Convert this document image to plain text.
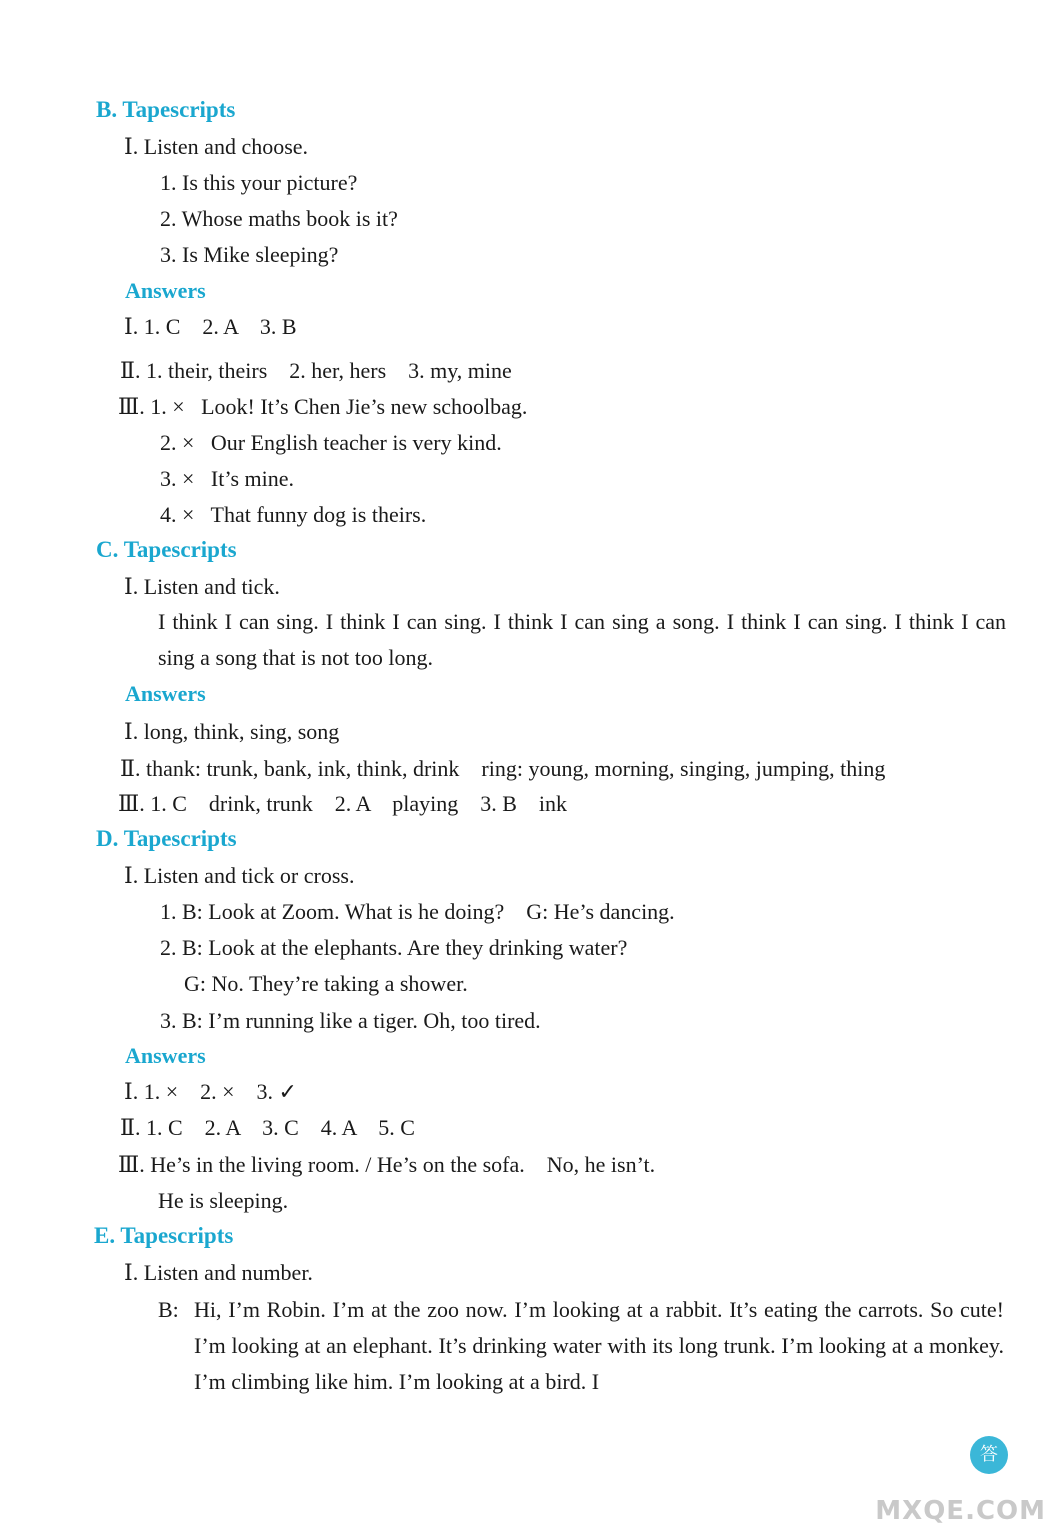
B. Tapescripts
Ⅰ. Listen and choose.
1. Is this your picture?
2. Whose maths book is it?
3. Is Mike sleeping?
Answers
Ⅰ. 1. C    2. A    3. B
Ⅱ. 1. their, theirs    2. her, hers    3. my, mine
Ⅲ. 1. ×   Look! It’s Chen Jie’s new schoolbag.
2. ×   Our English teacher is very kind.
3. ×   It’s mine.
4. ×   That funny dog is theirs.
C. Tapescripts
Ⅰ. Listen and tick.
I think I can sing. I think I can sing. I think I can sing a song. I think I can sing. I think I can sing a song that is not too long.
Answers
Ⅰ. long, think, sing, song
Ⅱ. thank: trunk, bank, ink, think, drink    ring: young, morning, singing, jumping, thing
Ⅲ. 1. C    drink, trunk    2. A    playing    3. B    ink
D. Tapescripts
Ⅰ. Listen and tick or cross.
1. B: Look at Zoom. What is he doing?    G: He’s dancing.
2. B: Look at the elephants. Are they drinking water?
G: No. They’re taking a shower.
3. B: I’m running like a tiger. Oh, too tired.
Answers
Ⅰ. 1. ×    2. ×    3. ✓
Ⅱ. 1. C    2. A    3. C    4. A    5. C
Ⅲ. He’s in the living room. / He’s on the sofa.    No, he isn’t.
He is sleeping.
E. Tapescripts
Ⅰ. Listen and number.
B: Hi, I’m Robin. I’m at the zoo now. I’m looking at a rabbit. It’s eating the carrots. So cute! I’m looking at an elephant. It’s drinking water with its long trunk. I’m looking at a monkey. I’m climbing like him. I’m looking at a bird. I
答
MXQE.COM
